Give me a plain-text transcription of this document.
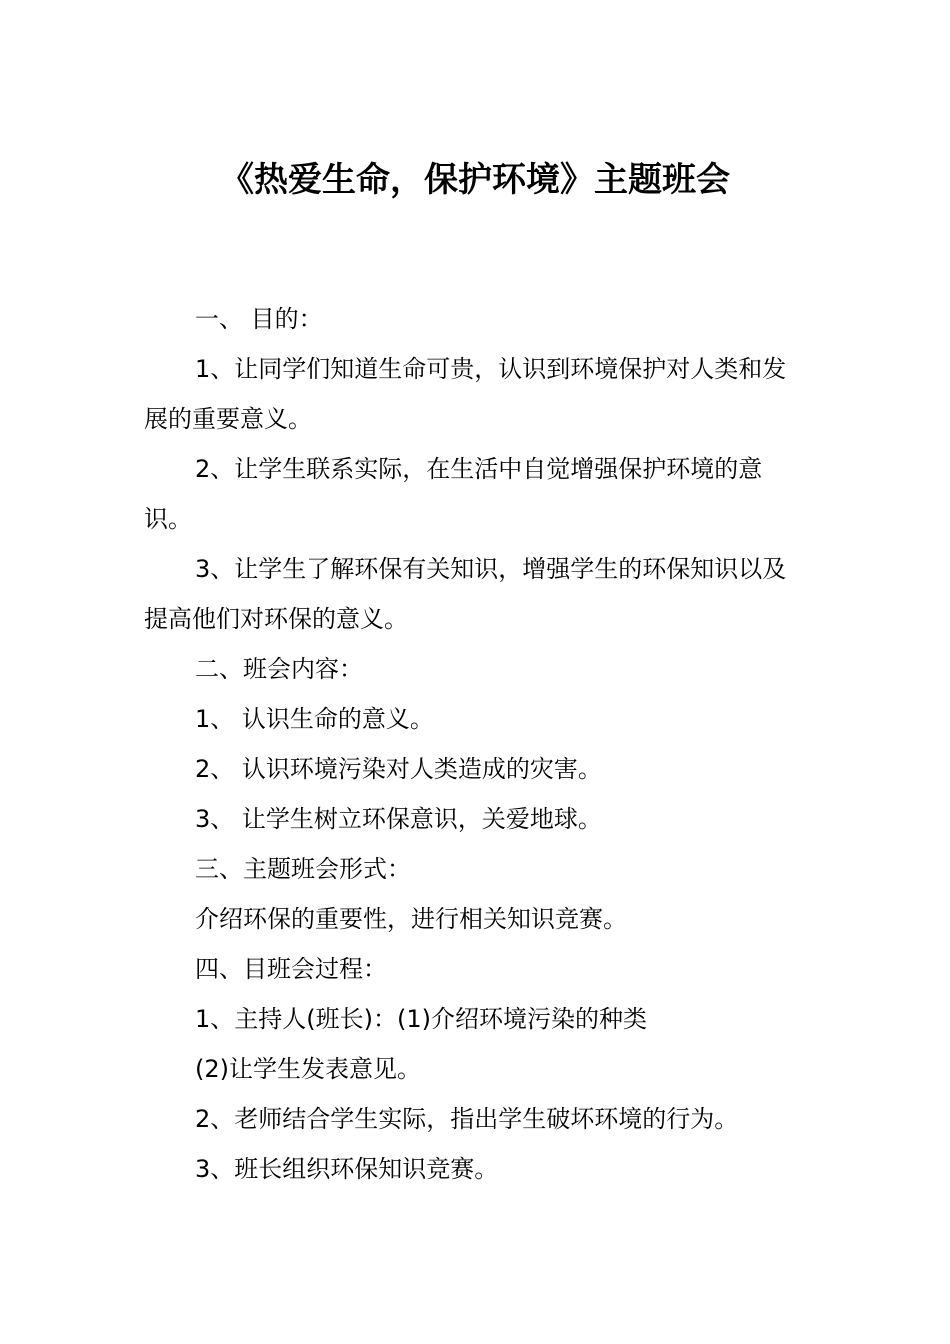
《热爱生命，保护环境》主题班会

一、 目的：

1、让同学们知道生命可贵，认识到环境保护对人类和发展的重要意义。

2、让学生联系实际，在生活中自觉增强保护环境的意识。

3、让学生了解环保有关知识，增强学生的环保知识以及提高他们对环保的意义。

二、班会内容：

1、 认识生命的意义。

2、 认识环境污染对人类造成的灾害。

3、 让学生树立环保意识，关爱地球。

三、主题班会形式：

介绍环保的重要性，进行相关知识竞赛。

四、目班会过程：

1、主持人(班长)：(1)介绍环境污染的种类

(2)让学生发表意见。

2、老师结合学生实际，指出学生破坏环境的行为。

3、班长组织环保知识竞赛。
